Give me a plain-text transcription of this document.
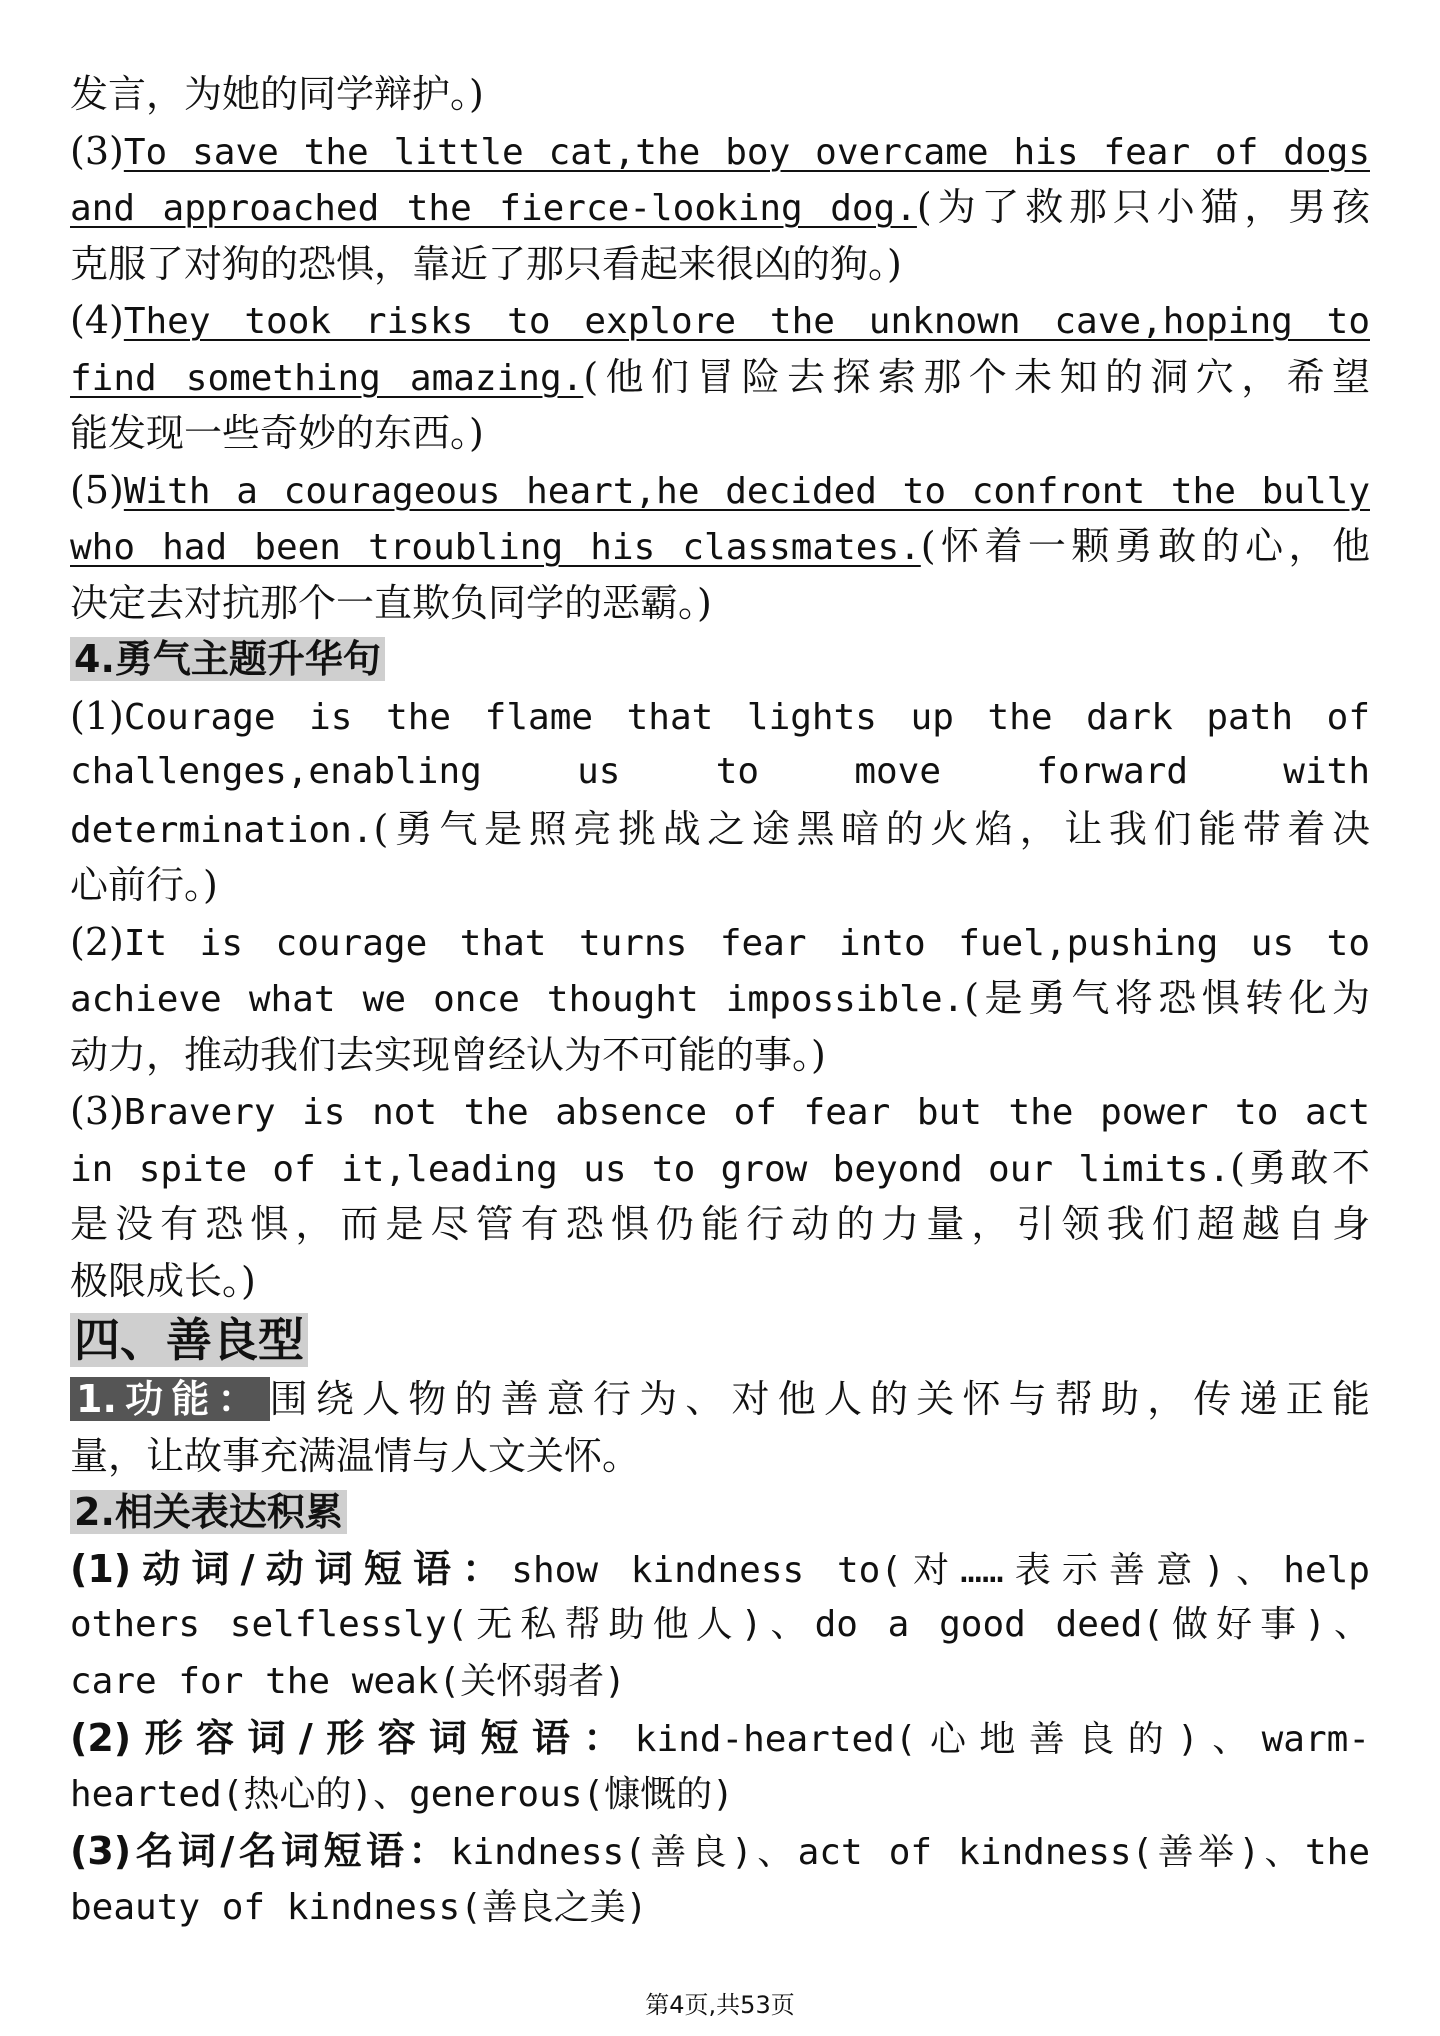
发言，为她的同学辩护。)
(3)To save the little cat,the boy overcame his fear of dogs
and approached the fierce-looking dog.(为了救那只小猫，男孩
克服了对狗的恐惧，靠近了那只看起来很凶的狗。)
(4)They took risks to explore the unknown cave,hoping to
find something amazing.(他们冒险去探索那个未知的洞穴，希望
能发现一些奇妙的东西。)
(5)With a courageous heart,he decided to confront the bully
who had been troubling his classmates.(怀着一颗勇敢的心，他
决定去对抗那个一直欺负同学的恶霸。)
4.勇气主题升华句
(1)Courage is the flame that lights up the dark path of
challenges,enabling us to move forward with
determination.(勇气是照亮挑战之途黑暗的火焰，让我们能带着决
心前行。)
(2)It is courage that turns fear into fuel,pushing us to
achieve what we once thought impossible.(是勇气将恐惧转化为
动力，推动我们去实现曾经认为不可能的事。)
(3)Bravery is not the absence of fear but the power to act
in spite of it,leading us to grow beyond our limits.(勇敢不
是没有恐惧，而是尽管有恐惧仍能行动的力量，引领我们超越自身
极限成长。)
四、善良型
1.功能： 围绕人物的善意行为、对他人的关怀与帮助，传递正能
量，让故事充满温情与人文关怀。
2.相关表达积累
(1)动词/动词短语：show kindness to(对……表示善意)、help
others selflessly(无私帮助他人)、do a good deed(做好事)、
care for the weak(关怀弱者)
(2)形容词/形容词短语：kind-hearted(心地善良的)、warm-
hearted(热心的)、generous(慷慨的)
(3)名词/名词短语：kindness(善良)、act of kindness(善举)、the
beauty of kindness(善良之美)
第4页,共53页
